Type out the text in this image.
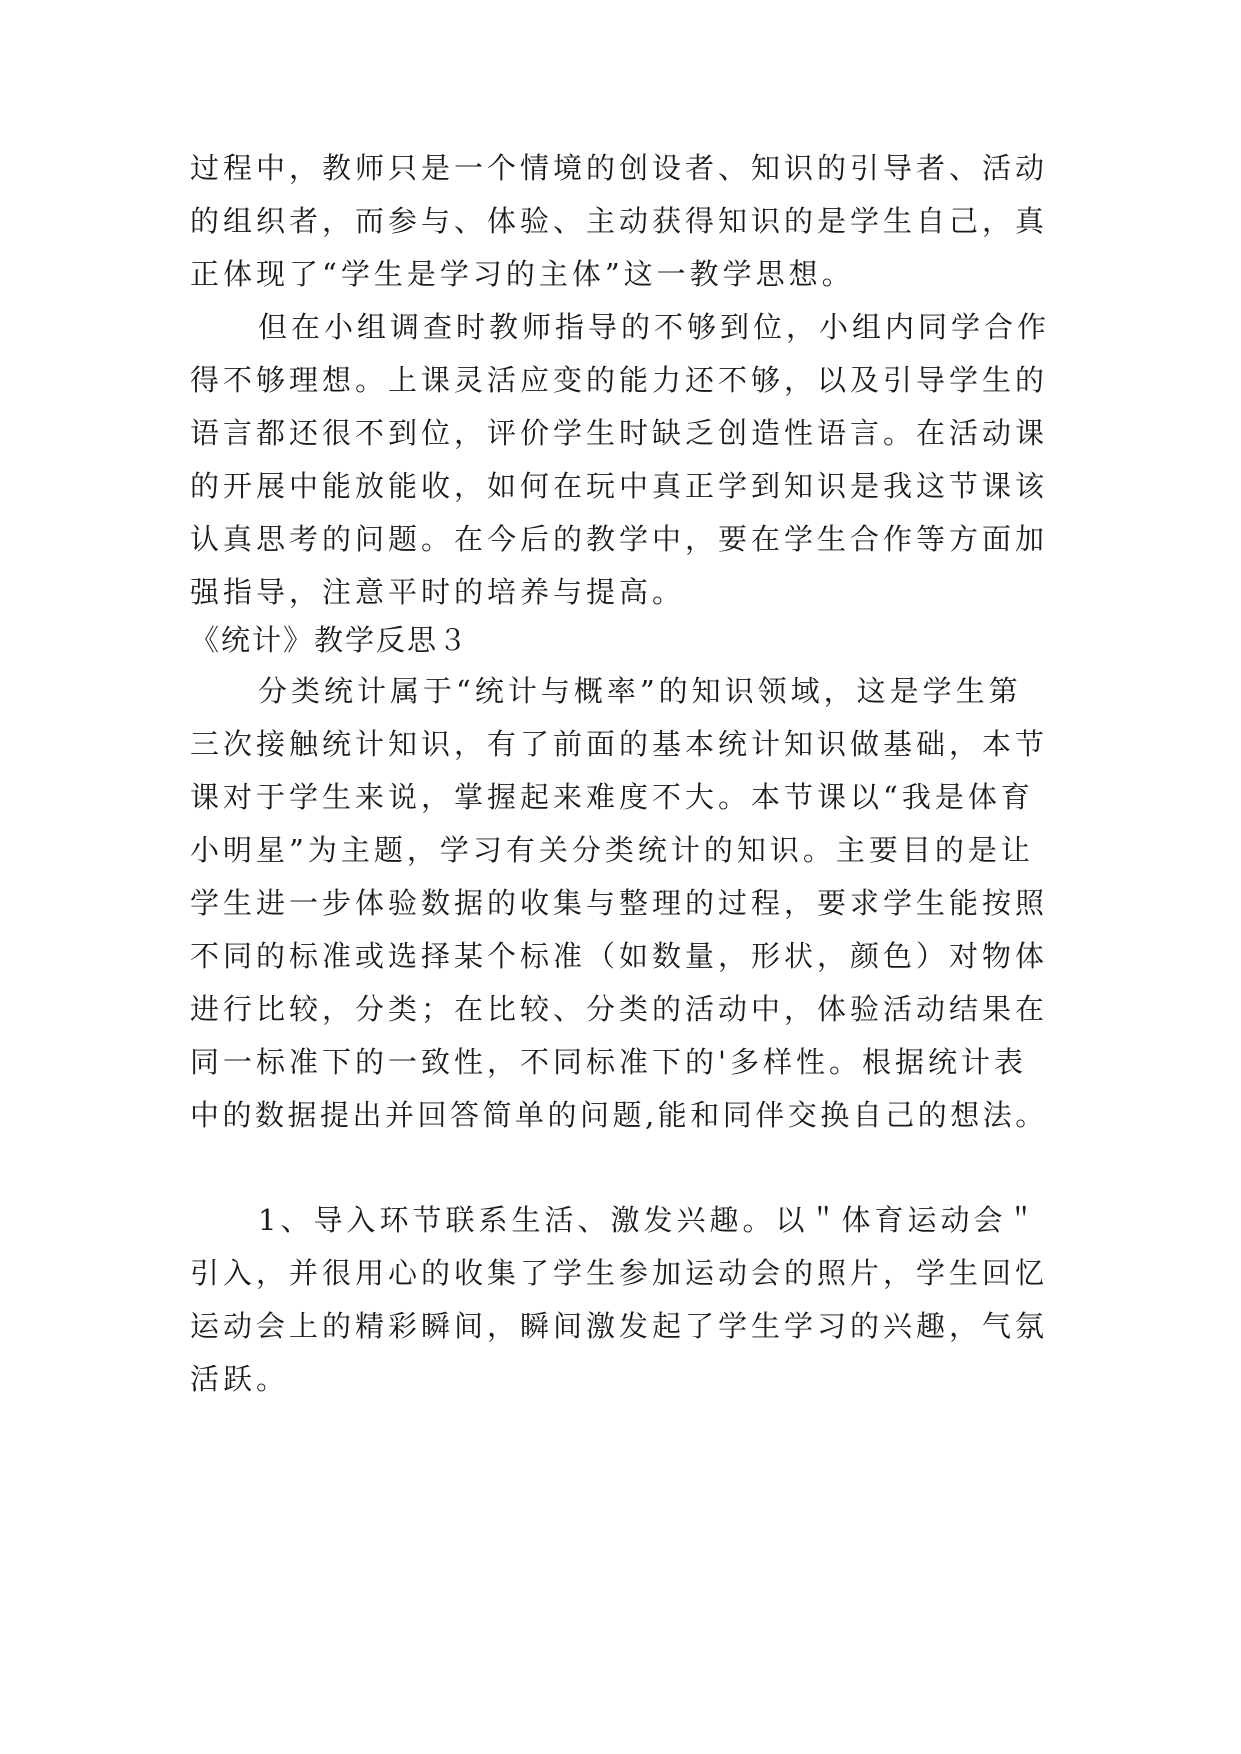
过程中，教师只是一个情境的创设者、知识的引导者、活动
的组织者，而参与、体验、主动获得知识的是学生自己，真
正体现了“学生是学习的主体”这一教学思想。
但在小组调查时教师指导的不够到位，小组内同学合作
得不够理想。上课灵活应变的能力还不够，以及引导学生的
语言都还很不到位，评价学生时缺乏创造性语言。在活动课
的开展中能放能收，如何在玩中真正学到知识是我这节课该
认真思考的问题。在今后的教学中，要在学生合作等方面加
强指导，注意平时的培养与提高。
《统计》教学反思３
分类统计属于“统计与概率”的知识领域，这是学生第
三次接触统计知识，有了前面的基本统计知识做基础，本节
课对于学生来说，掌握起来难度不大。本节课以“我是体育
小明星”为主题，学习有关分类统计的知识。主要目的是让
学生进一步体验数据的收集与整理的过程，要求学生能按照
不同的标准或选择某个标准（如数量，形状，颜色）对物体
进行比较，分类；在比较、分类的活动中，体验活动结果在
同一标准下的一致性，不同标准下的'多样性。根据统计表
中的数据提出并回答简单的问题,能和同伴交换自己的想法。
1、导入环节联系生活、激发兴趣。以＂体育运动会＂
引入，并很用心的收集了学生参加运动会的照片，学生回忆
运动会上的精彩瞬间，瞬间激发起了学生学习的兴趣，气氛
活跃。
